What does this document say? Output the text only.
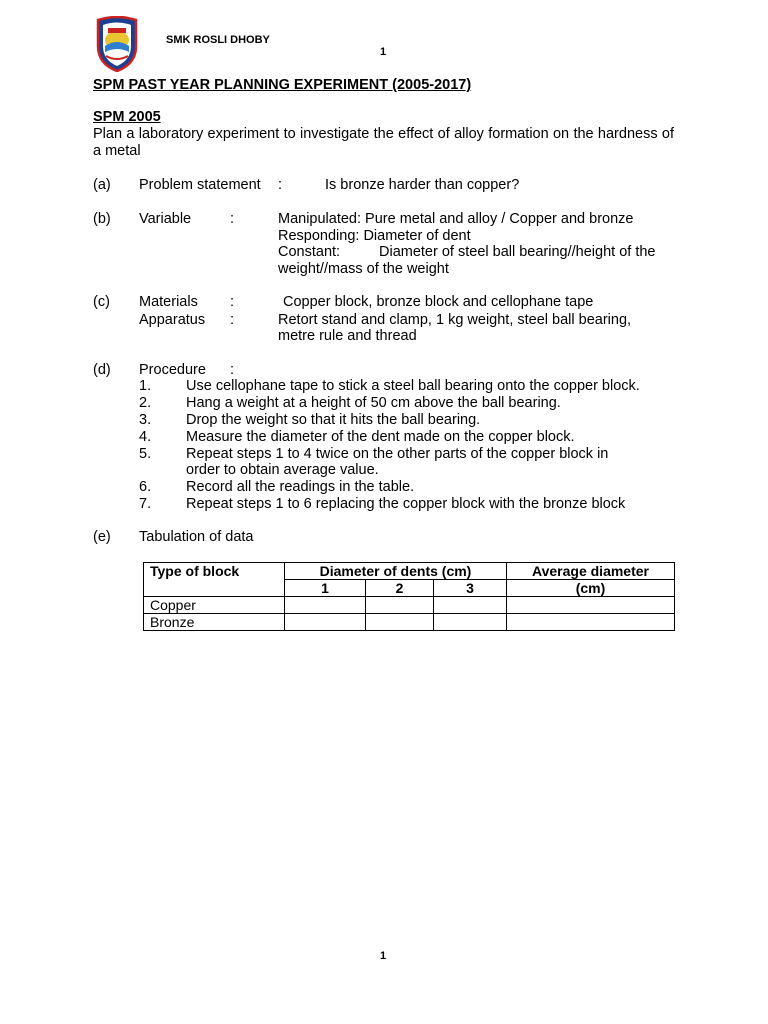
SMK ROSLI DHOBY
1
SPM PAST YEAR PLANNING EXPERIMENT (2005-2017)
SPM 2005
Plan a laboratory experiment to investigate the effect of alloy formation on the hardness of a metal
(a) Problem statement :	Is bronze harder than copper?
(b) Variable	:	Manipulated: Pure metal and alloy / Copper and bronze
Responding: Diameter of dent
Constant:	Diameter of steel ball bearing//height of the
weight//mass of the weight
(c) Materials :	Copper block, bronze block and cellophane tape
Apparatus :	Retort stand and clamp, 1 kg weight, steel ball bearing,
metre rule and thread
(d) Procedure :
1. Use cellophane tape to stick a steel ball bearing onto the copper block.
2. Hang a weight at a height of 50 cm above the ball bearing.
3. Drop the weight so that it hits the ball bearing.
4. Measure the diameter of the dent made on the copper block.
5. Repeat steps 1 to 4 twice on the other parts of the copper block in
order to obtain average value.
6. Record all the readings in the table.
7. Repeat steps 1 to 6 replacing the copper block with the bronze block
(e) Tabulation of data
Type of block	Diameter of dents (cm)			Average diameter
	1	2	3	(cm)
Copper				
Bronze				
1
